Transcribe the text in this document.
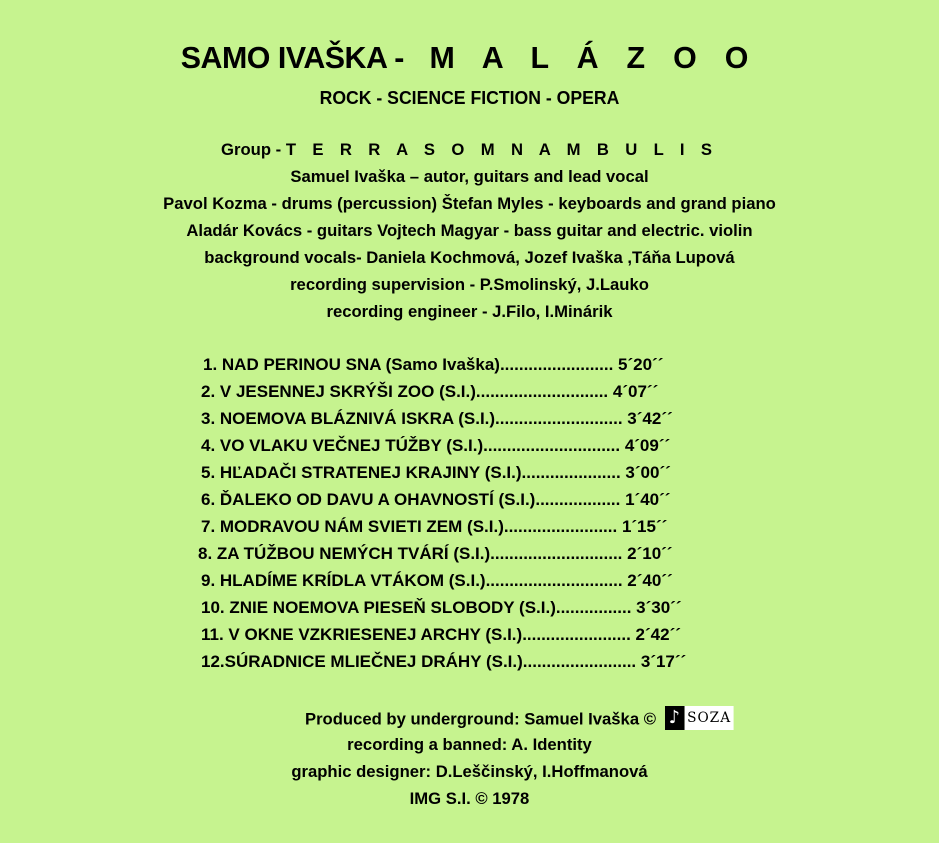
SAMO IVAŠKA - M A L Á Z O O
ROCK - SCIENCE FICTION - OPERA
Group - T E R R A S O M N A M B U L I S
Samuel Ivaška – autor, guitars and lead vocal
Pavol Kozma - drums (percussion) Štefan Myles - keyboards and grand piano
Aladár Kovács - guitars Vojtech Magyar - bass guitar and electric. violin
background vocals- Daniela Kochmová, Jozef Ivaška ,Táňa Lupová
recording supervision - P.Smolinský, J.Lauko
recording engineer - J.Filo, I.Minárik
1. NAD PERINOU SNA (Samo Ivaška)........................ 5´20´´
2. V JESENNEJ SKRÝŠI ZOO (S.I.)............................ 4´07´´
3. NOEMOVA BLÁZNIVÁ ISKRA (S.I.)........................... 3´42´´
4. VO VLAKU VEČNEJ TÚŽBY (S.I.)............................. 4´09´´
5. HĽADAČI STRATENEJ KRAJINY (S.I.)..................... 3´00´´
6. ĎALEKO OD DAVU A OHAVNOSTÍ (S.I.).................. 1´40´´
7. MODRAVOU NÁM SVIETI ZEM (S.I.)........................ 1´15´´
8. ZA TÚŽBOU NEMÝCH TVÁRÍ (S.I.)............................ 2´10´´
9. HLADÍME KRÍDLA VTÁKOM (S.I.)............................. 2´40´´
10. ZNIE NOEMOVA PIESEŇ SLOBODY (S.I.)................ 3´30´´
11. V OKNE VZKRIESENEJ ARCHY (S.I.)....................... 2´42´´
12.SÚRADNICE MLIEČNEJ DRÁHY (S.I.)........................ 3´17´´
Produced by underground: Samuel Ivaška © ♪ SOZA
recording a banned: A. Identity
graphic designer: D.Leščinský, I.Hoffmanová
IMG S.I. © 1978
